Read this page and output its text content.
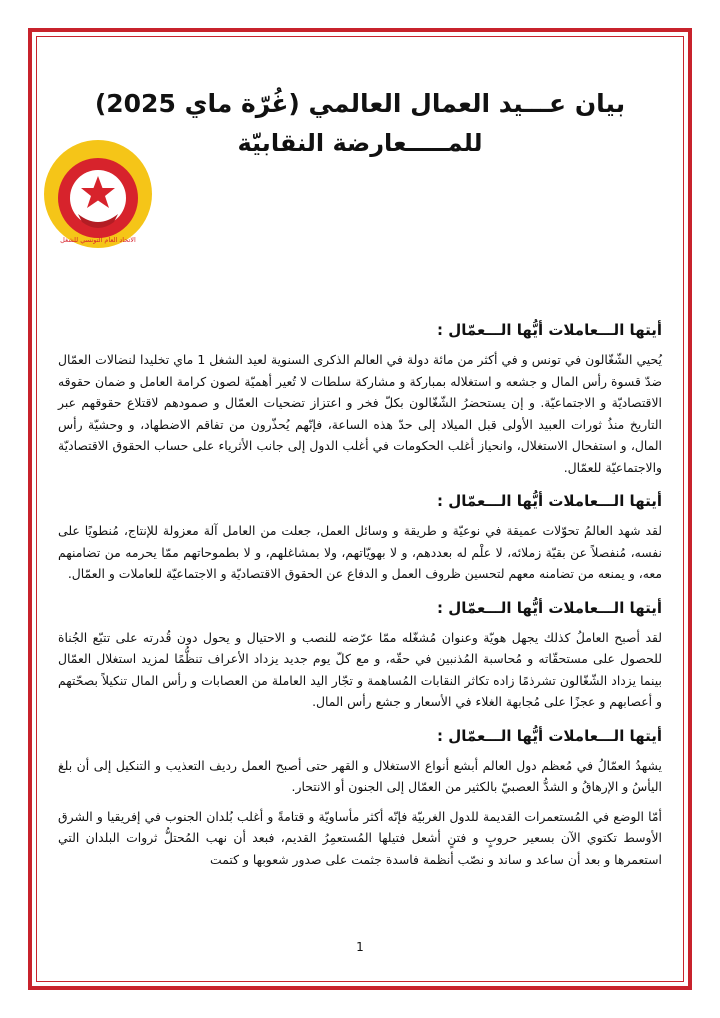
الاتحاد العام التونسي للشغل
بيان عـــيد العمال العالمي (غُرّة ماي 2025)
للمـــــعارضة النقابيّة

أيتها الـــعاملات أيُّها الـــعمّال :

يُحيي الشّغّالون في تونس و في أكثر من مائة دولة في العالم الذكرى السنوية لعيد الشغل 1 ماي تخليدا لنضالات العمّال ضدّ قسوة رأس المال و جشعه و استغلاله بمباركة و مشاركة سلطات لا تُعير أهميّة لصون كرامة العامل و ضمان حقوقه الاقتصاديّة و الاجتماعيّة. و إن يستحضرُ الشّغّالون بكلّ فخر و اعتزاز تضحيات العمّال و صمودهم لاقتلاع حقوقهم عبر التاريخ منذُ ثورات العبيد الأولى قبل الميلاد إلى حدّ هذه الساعة، فإنّهم يُحذّرون من تفاقم الاضطهاد، و وحشيّة رأس المال، و استفحال الاستغلال، وانحياز أغلب الحكومات في أغلب الدول إلى جانب الأثرياء على حساب الحقوق الاقتصاديّة والاجتماعيّة للعمّال.

أيتها الـــعاملات أيُّها الـــعمّال :

لقد شهد العالمُ تحوّلات عميقة في نوعيّة و طريقة و وسائل العمل، جعلت من العامل آلة معزولة للإنتاج، مُنطويًا على نفسه، مُنفصلاً عن بقيّة زملائه، لا علْم له بعددهم، و لا بهويّاتهم، ولا بمشاغلهم، و لا بطموحاتهم ممّا يحرمه من تضامنهم معه، و يمنعه من تضامنه معهم لتحسين ظروف العمل و الدفاع عن الحقوق الاقتصاديّة و الاجتماعيّة للعاملات و العمّال.

أيتها الـــعاملات أيُّها الـــعمّال :

لقد أصبح العاملُ كذلك يجهل هويّة وعنوان مُشغّله ممّا عرّضه للنصب و الاحتيال و يحول دون قُدرته على تتبّع الجُناة للحصول على مستحقّاته و مُحاسبة المُذنبين في حقّه، و مع كلّ يوم جديد يزداد الأعراف تنظُّمًا لمزيد استغلال العمّال بينما يزداد الشّغّالون تشرذمًا زاده تكاثر النقابات المُساهمة و تجّار اليد العاملة من العصابات و رأس المال تنكيلاً بصحّتهم و أعصابهم و عجزًا على مُجابهة الغلاء في الأسعار و جشع رأس المال.

أيتها الـــعاملات أيُّها الـــعمّال :

يشهدُ العمّالُ في مُعظم دول العالم أبشع أنواع الاستغلال و القهر حتى أصبح العمل رديف التعذيب و التنكيل إلى أن بلغ اليأسُ و الإرهاقُ و الشدُّ العصبيّ بالكثير من العمّال إلى الجنون أو الانتحار.

أمّا الوضع في المُستعمرات القديمة للدول الغربيّة فإنّه أكثر مأساويّة و قتامةً و أغلب بُلدان الجنوب في إفريقيا و الشرق الأوسط تكتوي الآن بسعير حروبٍ و فتنٍ أشعل فتيلها المُستعمِرُ القديم، فبعد أن نهب المُحتلُّ ثروات البلدان التي استعمرها و بعد أن ساعد و ساند و نصّب أنظمة فاسدة جثمت على صدور شعوبها و كتمت

1
